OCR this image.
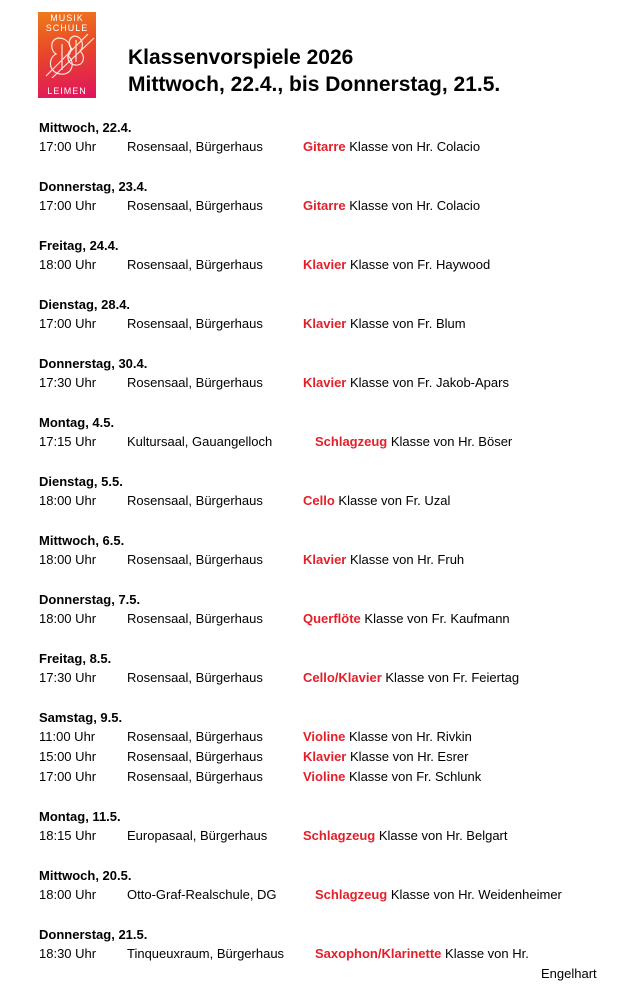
MUSIK
SCHULE
LEIMEN
Klassenvorspiele 2026
Mittwoch, 22.4., bis Donnerstag, 21.5.
Mittwoch, 22.4.
17:00 Uhr Rosensaal, Bürgerhaus	Gitarre Klasse von Hr. Colacio
Donnerstag, 23.4.
17:00 Uhr Rosensaal, Bürgerhaus	Gitarre Klasse von Hr. Colacio
Freitag, 24.4.
18:00 Uhr Rosensaal, Bürgerhaus	Klavier Klasse von Fr. Haywood
Dienstag, 28.4.
17:00 Uhr Rosensaal, Bürgerhaus	Klavier Klasse von Fr. Blum
Donnerstag, 30.4.
17:30 Uhr Rosensaal, Bürgerhaus	Klavier Klasse von Fr. Jakob-Apars
Montag, 4.5.
17:15 Uhr Kultursaal, Gauangelloch	Schlagzeug Klasse von Hr. Böser
Dienstag, 5.5.
18:00 Uhr Rosensaal, Bürgerhaus	Cello Klasse von Fr. Uzal
Mittwoch, 6.5.
18:00 Uhr Rosensaal, Bürgerhaus	Klavier Klasse von Hr. Fruh
Donnerstag, 7.5.
18:00 Uhr Rosensaal, Bürgerhaus	Querflöte Klasse von Fr. Kaufmann
Freitag, 8.5.
17:30 Uhr Rosensaal, Bürgerhaus	Cello/Klavier Klasse von Fr. Feiertag
Samstag, 9.5.
11:00 Uhr Rosensaal, Bürgerhaus	Violine Klasse von Hr. Rivkin
15:00 Uhr Rosensaal, Bürgerhaus	Klavier Klasse von Hr. Esrer
17:00 Uhr Rosensaal, Bürgerhaus	Violine Klasse von Fr. Schlunk
Montag, 11.5.
18:15 Uhr Europasaal, Bürgerhaus	Schlagzeug Klasse von Hr. Belgart
Mittwoch, 20.5.
18:00 Uhr Otto-Graf-Realschule, DG	Schlagzeug Klasse von Hr. Weidenheimer
Donnerstag, 21.5.
18:30 Uhr Tinqueuxraum, Bürgerhaus Saxophon/Klarinette Klasse von Hr.
Engelhart
